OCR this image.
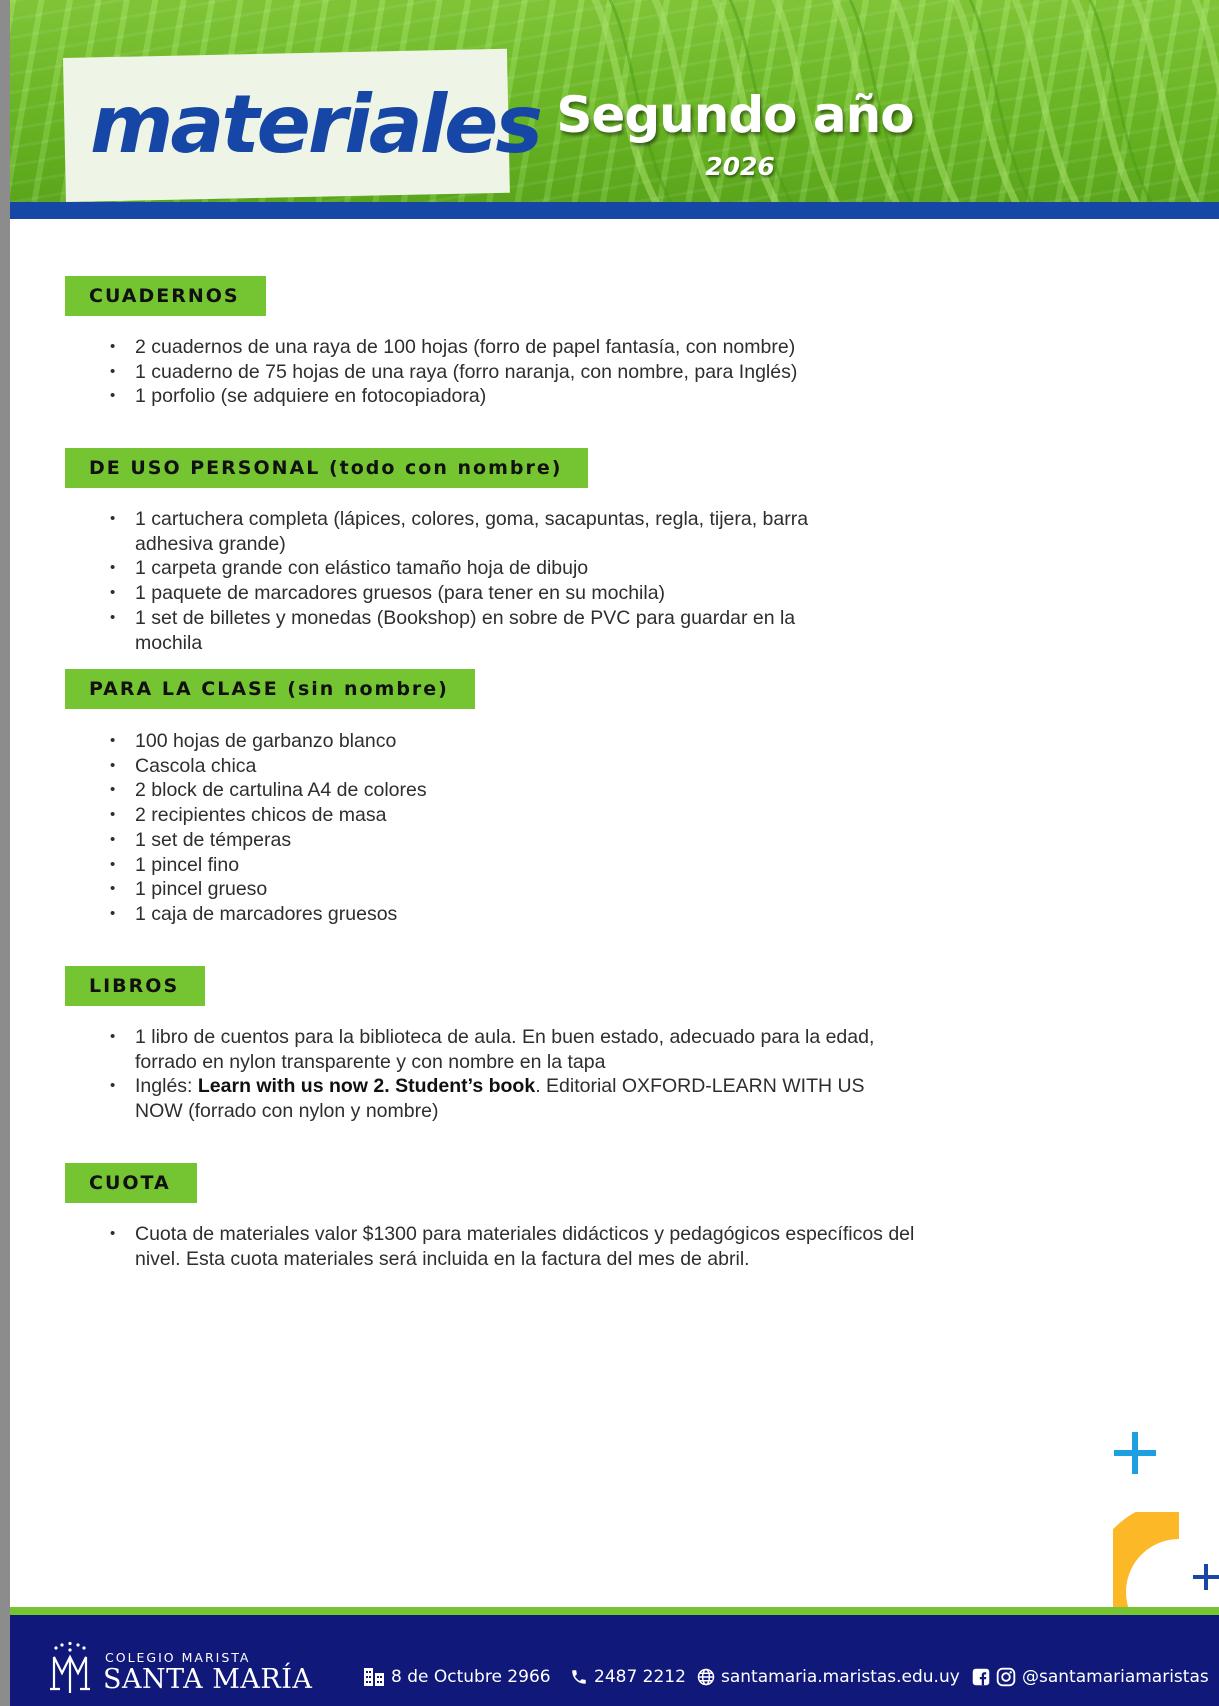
materiales Segundo año
2026
CUADERNOS
• 2 cuadernos de una raya de 100 hojas (forro de papel fantasía, con nombre)
• 1 cuaderno de 75 hojas de una raya (forro naranja, con nombre, para Inglés)
• 1 porfolio (se adquiere en fotocopiadora)
DE USO PERSONAL (todo con nombre)
• 1 cartuchera completa (lápices, colores, goma, sacapuntas, regla, tijera, barra adhesiva grande)
• 1 carpeta grande con elástico tamaño hoja de dibujo
• 1 paquete de marcadores gruesos (para tener en su mochila)
• 1 set de billetes y monedas (Bookshop) en sobre de PVC para guardar en la mochila
PARA LA CLASE (sin nombre)
• 100 hojas de garbanzo blanco
• Cascola chica
• 2 block de cartulina A4 de colores
• 2 recipientes chicos de masa
• 1 set de témperas
• 1 pincel fino
• 1 pincel grueso
• 1 caja de marcadores gruesos
LIBROS
• 1 libro de cuentos para la biblioteca de aula. En buen estado, adecuado para la edad, forrado en nylon transparente y con nombre en la tapa
• Inglés: Learn with us now 2. Student’s book. Editorial OXFORD-LEARN WITH US NOW (forrado con nylon y nombre)
CUOTA
• Cuota de materiales valor $1300 para materiales didácticos y pedagógicos específicos del nivel. Esta cuota materiales será incluida en la factura del mes de abril.
COLEGIO MARISTA
SANTA MARÍA	8 de Octubre 2966	2487 2212 santamaria.maristas.edu.uy	@santamariamaristas
